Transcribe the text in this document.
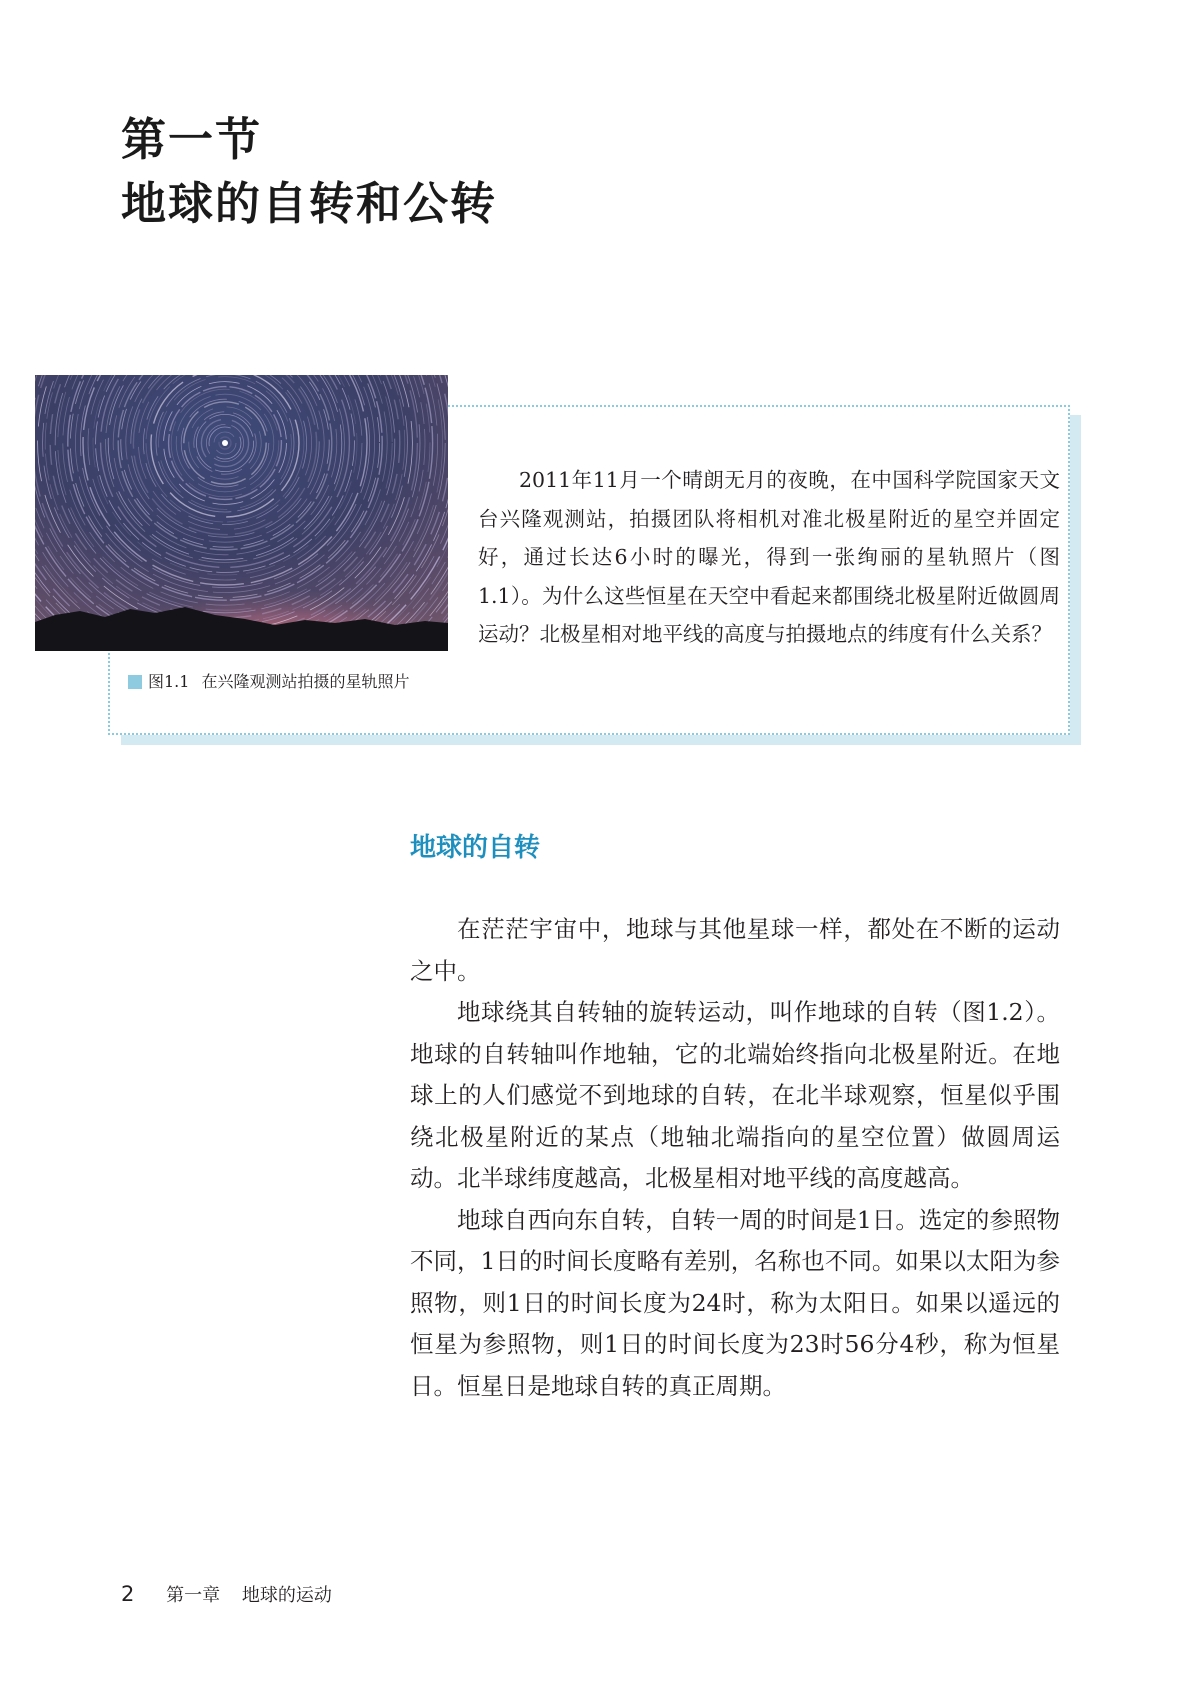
第一节
地球的自转和公转
图1.1 在兴隆观测站拍摄的星轨照片

2011年11月一个晴朗无月的夜晚，在中国科学院国家天文台兴隆观测站，拍摄团队将相机对准北极星附近的星空并固定好，通过长达6小时的曝光，得到一张绚丽的星轨照片（图1.1）。为什么这些恒星在天空中看起来都围绕北极星附近做圆周运动？北极星相对地平线的高度与拍摄地点的纬度有什么关系？

地球的自转

在茫茫宇宙中，地球与其他星球一样，都处在不断的运动之中。

地球绕其自转轴的旋转运动，叫作地球的自转（图1.2）。地球的自转轴叫作地轴，它的北端始终指向北极星附近。在地球上的人们感觉不到地球的自转，在北半球观察，恒星似乎围绕北极星附近的某点（地轴北端指向的星空位置）做圆周运动。北半球纬度越高，北极星相对地平线的高度越高。

地球自西向东自转，自转一周的时间是1日。选定的参照物不同，1日的时间长度略有差别，名称也不同。如果以太阳为参照物，则1日的时间长度为24时，称为太阳日。如果以遥远的恒星为参照物，则1日的时间长度为23时56分4秒，称为恒星日。恒星日是地球自转的真正周期。

2 第一章 地球的运动
